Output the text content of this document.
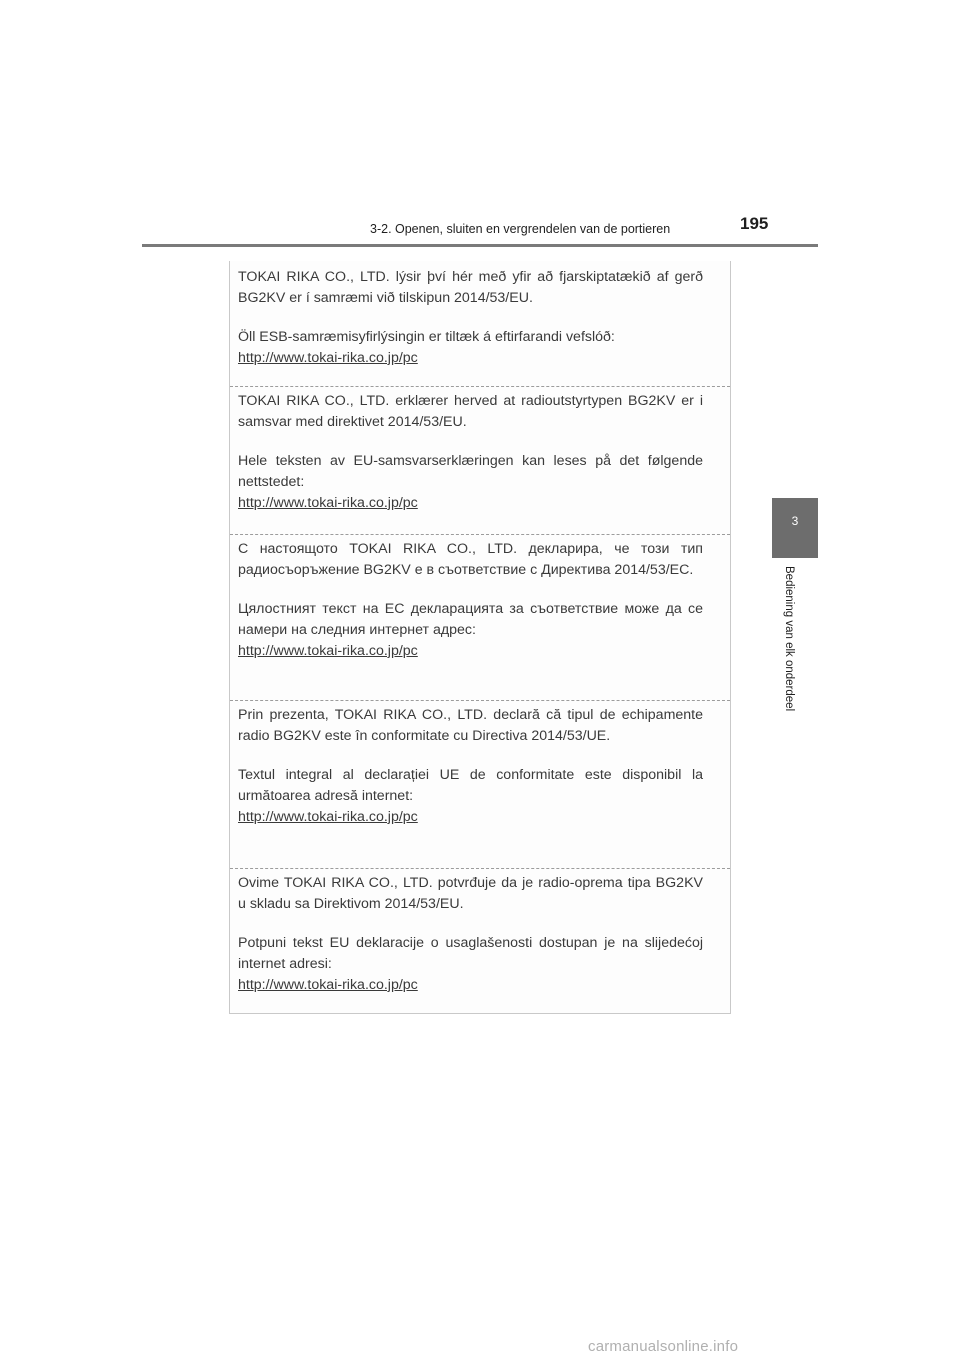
3-2. Openen, sluiten en vergrendelen van de portieren	195
3
Bediening van elk onderdeel

TOKAI RIKA CO., LTD. lýsir því hér með yfir að fjarskiptatækið af gerð BG2KV er í samræmi við tilskipun 2014/53/EU.

Öll ESB-samræmisyfirlýsingin er tiltæk á eftirfarandi vefslóð:

http://www.tokai-rika.co.jp/pc

TOKAI RIKA CO., LTD. erklærer herved at radioutstyrtypen BG2KV er i samsvar med direktivet 2014/53/EU.

Hele teksten av EU-samsvarserklæringen kan leses på det følgende nettstedet:

http://www.tokai-rika.co.jp/pc

С настоящото TOKAI RIKA CO., LTD. декларира, че този тип радиосъоръжение BG2KV е в съответствие с Директива 2014/53/ЕС.

Цялостният текст на ЕС декларацията за съответствие може да се намери на следния интернет адрес:

http://www.tokai-rika.co.jp/pc

Prin prezenta, TOKAI RIKA CO., LTD. declară că tipul de echipamente radio BG2KV este în conformitate cu Directiva 2014/53/UE.

Textul integral al declarației UE de conformitate este disponibil la următoarea adresă internet:

http://www.tokai-rika.co.jp/pc

Ovime TOKAI RIKA CO., LTD. potvrđuje da je radio-oprema tipa BG2KV u skladu sa Direktivom 2014/53/EU.

Potpuni tekst EU deklaracije o usaglašenosti dostupan je na slijedećoj internet adresi:

http://www.tokai-rika.co.jp/pc
carmanualsonline.info
